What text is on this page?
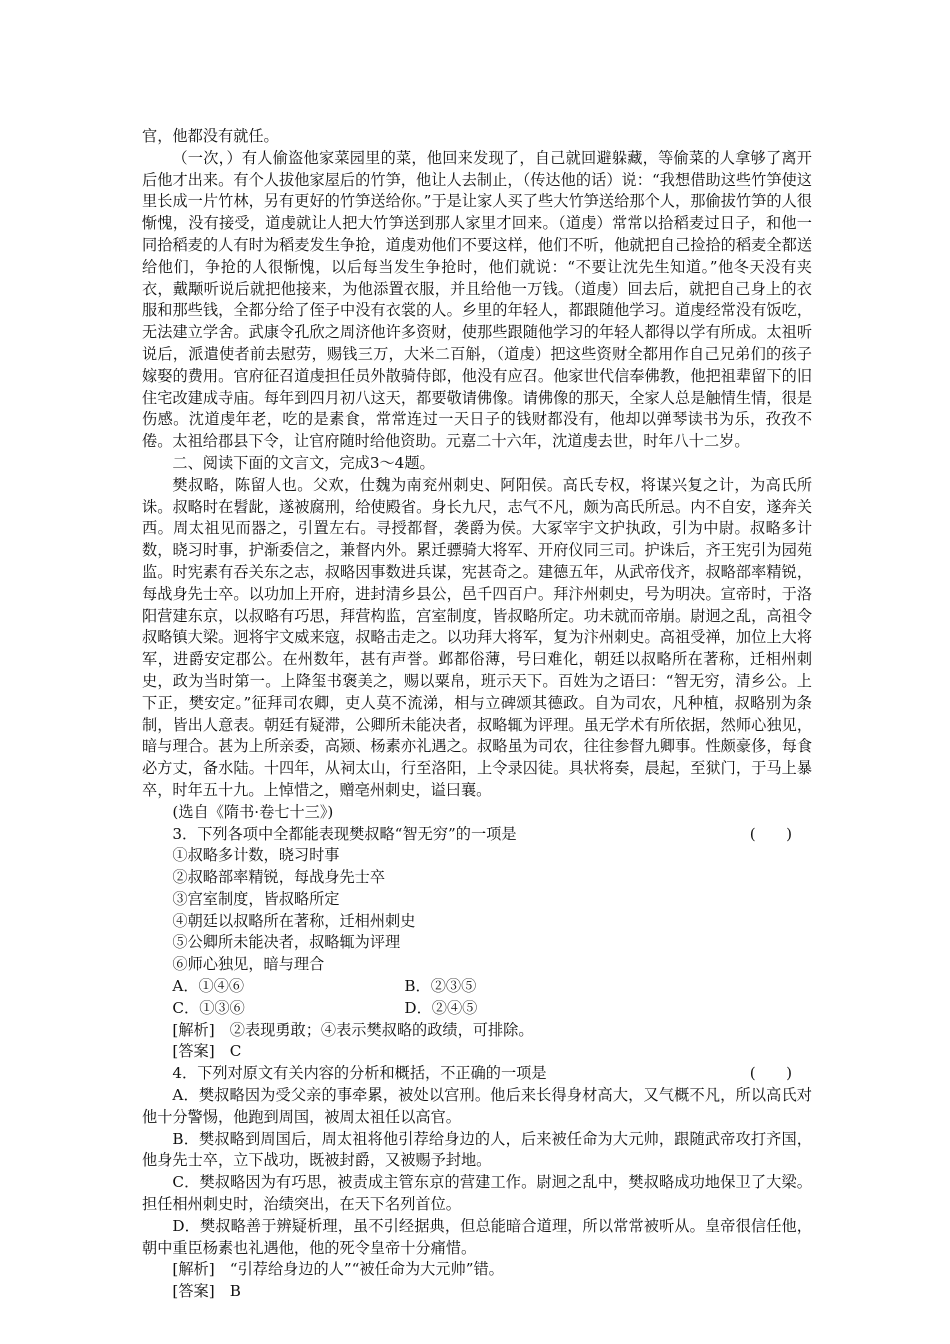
官，他都没有就任。

（一次，）有人偷盗他家菜园里的菜，他回来发现了，自己就回避躲藏，等偷菜的人拿够了离开后他才出来。有个人拔他家屋后的竹笋，他让人去制止，（传达他的话）说：“我想借助这些竹笋使这里长成一片竹林，另有更好的竹笋送给你。”于是让家人买了些大竹笋送给那个人，那偷拔竹笋的人很惭愧，没有接受，道虔就让人把大竹笋送到那人家里才回来。（道虔）常常以拾稻麦过日子，和他一同拾稻麦的人有时为稻麦发生争抢，道虔劝他们不要这样，他们不听，他就把自己捡拾的稻麦全都送给他们，争抢的人很惭愧，以后每当发生争抢时，他们就说：“不要让沈先生知道。”他冬天没有夹衣，戴颙听说后就把他接来，为他添置衣服，并且给他一万钱。（道虔）回去后，就把自己身上的衣服和那些钱，全都分给了侄子中没有衣裳的人。乡里的年轻人，都跟随他学习。道虔经常没有饭吃，无法建立学舍。武康令孔欣之周济他许多资财，使那些跟随他学习的年轻人都得以学有所成。太祖听说后，派遣使者前去慰劳，赐钱三万，大米二百斛，（道虔）把这些资财全都用作自己兄弟们的孩子嫁娶的费用。官府征召道虔担任员外散骑侍郎，他没有应召。他家世代信奉佛教，他把祖辈留下的旧住宅改建成寺庙。每年到四月初八这天，都要敬请佛像。请佛像的那天，全家人总是触情生情，很是伤感。沈道虔年老，吃的是素食，常常连过一天日子的钱财都没有，他却以弹琴读书为乐，孜孜不倦。太祖给郡县下令，让官府随时给他资助。元嘉二十六年，沈道虔去世，时年八十二岁。

二、阅读下面的文言文，完成3～4题。

樊叔略，陈留人也。父欢，仕魏为南兖州刺史、阿阳侯。高氏专权，将谋兴复之计，为高氏所诛。叔略时在髫龀，遂被腐刑，给使殿省。身长九尺，志气不凡，颇为高氏所忌。内不自安，遂奔关西。周太祖见而器之，引置左右。寻授都督，袭爵为侯。大冢宰宇文护执政，引为中尉。叔略多计数，晓习时事，护渐委信之，兼督内外。累迁骠骑大将军、开府仪同三司。护诛后，齐王宪引为园苑监。时宪素有吞关东之志，叔略因事数进兵谋，宪甚奇之。建德五年，从武帝伐齐，叔略部率精锐，每战身先士卒。以功加上开府，进封清乡县公，邑千四百户。拜汴州刺史，号为明决。宣帝时，于洛阳营建东京，以叔略有巧思，拜营构监，宫室制度，皆叔略所定。功未就而帝崩。尉迥之乱，高祖令叔略镇大梁。迥将宇文威来寇，叔略击走之。以功拜大将军，复为汴州刺史。高祖受禅，加位上大将军，进爵安定郡公。在州数年，甚有声誉。邺都俗薄，号曰难化，朝廷以叔略所在著称，迁相州刺史，政为当时第一。上降玺书褒美之，赐以粟帛，班示天下。百姓为之语曰：“智无穷，清乡公。上下正，樊安定。”征拜司农卿，吏人莫不流涕，相与立碑颂其德政。自为司农，凡种植，叔略别为条制，皆出人意表。朝廷有疑滞，公卿所未能决者，叔略辄为评理。虽无学术有所依据，然师心独见，暗与理合。甚为上所亲委，高颎、杨素亦礼遇之。叔略虽为司农，往往参督九卿事。性颇豪侈，每食必方丈，备水陆。十四年，从祠太山，行至洛阳，上令录囚徒。具状将奏，晨起，至狱门，于马上暴卒，时年五十九。上悼惜之，赠亳州刺史，谥曰襄。

(选自《隋书·卷七十三》)

3．下列各项中全都能表现樊叔略“智无穷”的一项是	(　　)

①叔略多计数，晓习时事

②叔略部率精锐，每战身先士卒

③宫室制度，皆叔略所定

④朝廷以叔略所在著称，迁相州刺史

⑤公卿所未能决者，叔略辄为评理

⑥师心独见，暗与理合

A．①④⑥	B．②③⑤
C．①③⑥	D．②④⑤

[解析]　②表现勇敢；④表示樊叔略的政绩，可排除。

[答案]　C

4．下列对原文有关内容的分析和概括，不正确的一项是	(　　)

A．樊叔略因为受父亲的事牵累，被处以宫刑。他后来长得身材高大，又气概不凡，所以高氏对他十分警惕，他跑到周国，被周太祖任以高官。

B．樊叔略到周国后，周太祖将他引荐给身边的人，后来被任命为大元帅，跟随武帝攻打齐国，他身先士卒，立下战功，既被封爵，又被赐予封地。

C．樊叔略因为有巧思，被责成主管东京的营建工作。尉迥之乱中，樊叔略成功地保卫了大梁。担任相州刺史时，治绩突出，在天下名列首位。

D．樊叔略善于辨疑析理，虽不引经据典，但总能暗合道理，所以常常被听从。皇帝很信任他，朝中重臣杨素也礼遇他，他的死令皇帝十分痛惜。

[解析]　“引荐给身边的人”“被任命为大元帅”错。

[答案]　B
